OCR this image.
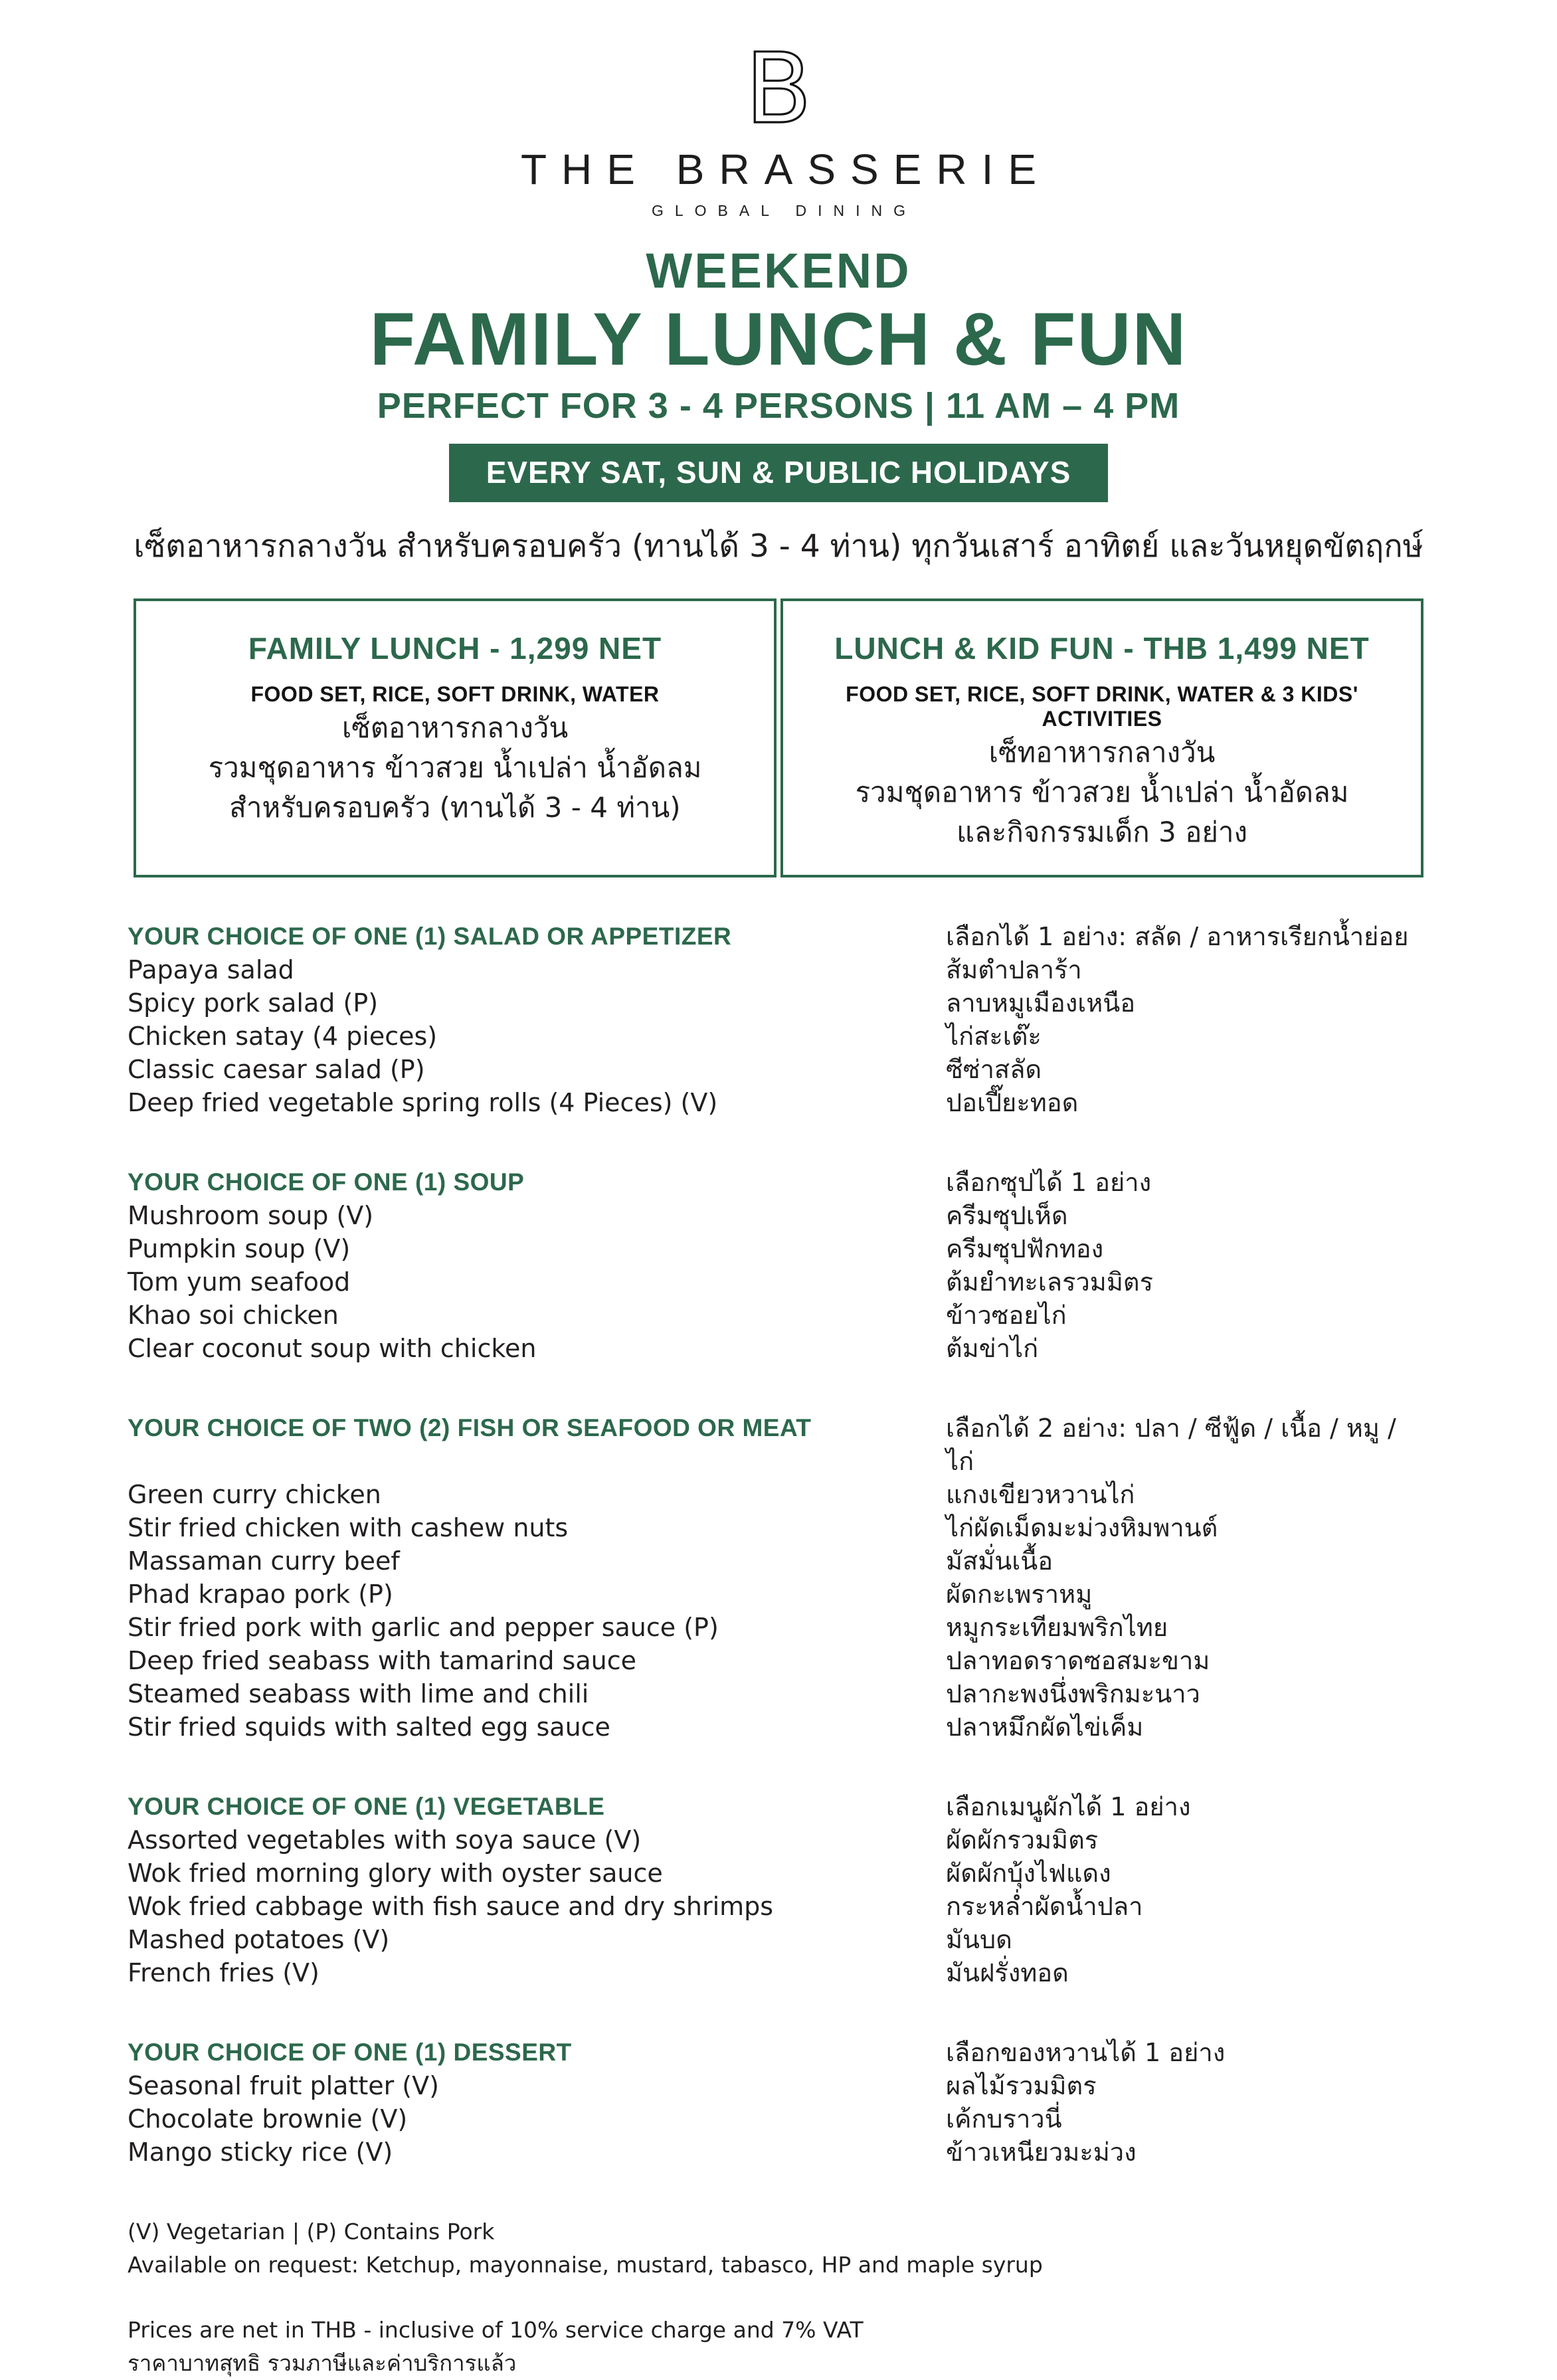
B
THE BRASSERIE
GLOBAL DINING
WEEKEND
FAMILY LUNCH & FUN
PERFECT FOR 3 - 4 PERSONS | 11 AM – 4 PM
EVERY SAT, SUN & PUBLIC HOLIDAYS
เซ็ตอาหารกลางวัน สำหรับครอบครัว (ทานได้ 3 - 4 ท่าน) ทุกวันเสาร์ อาทิตย์ และวันหยุดขัตฤกษ์
FAMILY LUNCH - 1,299 NET
FOOD SET, RICE, SOFT DRINK, WATER
เซ็ตอาหารกลางวัน
รวมชุดอาหาร ข้าวสวย น้ำเปล่า น้ำอัดลม
สำหรับครอบครัว (ทานได้ 3 - 4 ท่าน)
LUNCH & KID FUN - THB 1,499 NET
FOOD SET, RICE, SOFT DRINK, WATER & 3 KIDS' ACTIVITIES
เซ็ทอาหารกลางวัน
รวมชุดอาหาร ข้าวสวย น้ำเปล่า น้ำอัดลม
และกิจกรรมเด็ก 3 อย่าง
YOUR CHOICE OF ONE (1) SALAD OR APPETIZER	เลือกได้ 1 อย่าง: สลัด / อาหารเรียกน้ำย่อย
Papaya salad	ส้มตำปลาร้า
Spicy pork salad (P)	ลาบหมูเมืองเหนือ
Chicken satay (4 pieces)	ไก่สะเต๊ะ
Classic caesar salad (P)	ซีซ่าสลัด
Deep fried vegetable spring rolls (4 Pieces) (V)	ปอเปี๊ยะทอด
YOUR CHOICE OF ONE (1) SOUP	เลือกซุปได้ 1 อย่าง
Mushroom soup (V)	ครีมซุปเห็ด
Pumpkin soup (V)	ครีมซุปฟักทอง
Tom yum seafood	ต้มยำทะเลรวมมิตร
Khao soi chicken	ข้าวซอยไก่
Clear coconut soup with chicken	ต้มข่าไก่
YOUR CHOICE OF TWO (2) FISH OR SEAFOOD OR MEAT	เลือกได้ 2 อย่าง: ปลา / ซีฟู้ด / เนื้อ / หมู / ไก่
Green curry chicken	แกงเขียวหวานไก่
Stir fried chicken with cashew nuts	ไก่ผัดเม็ดมะม่วงหิมพานต์
Massaman curry beef	มัสมั่นเนื้อ
Phad krapao pork (P)	ผัดกะเพราหมู
Stir fried pork with garlic and pepper sauce (P)	หมูกระเทียมพริกไทย
Deep fried seabass with tamarind sauce	ปลาทอดราดซอสมะขาม
Steamed seabass with lime and chili	ปลากะพงนึ่งพริกมะนาว
Stir fried squids with salted egg sauce	ปลาหมึกผัดไข่เค็ม
YOUR CHOICE OF ONE (1) VEGETABLE	เลือกเมนูผักได้ 1 อย่าง
Assorted vegetables with soya sauce (V)	ผัดผักรวมมิตร
Wok fried morning glory with oyster sauce	ผัดผักบุ้งไฟแดง
Wok fried cabbage with fish sauce and dry shrimps	กระหล่ำผัดน้ำปลา
Mashed potatoes (V)	มันบด
French fries (V)	มันฝรั่งทอด
YOUR CHOICE OF ONE (1) DESSERT	เลือกของหวานได้ 1 อย่าง
Seasonal fruit platter (V)	ผลไม้รวมมิตร
Chocolate brownie (V)	เค้กบราวนี่
Mango sticky rice (V)	ข้าวเหนียวมะม่วง
(V) Vegetarian | (P) Contains Pork
Available on request: Ketchup, mayonnaise, mustard, tabasco, HP and maple syrup
Prices are net in THB - inclusive of 10% service charge and 7% VAT
ราคาบาทสุทธิ รวมภาษีและค่าบริการแล้ว
